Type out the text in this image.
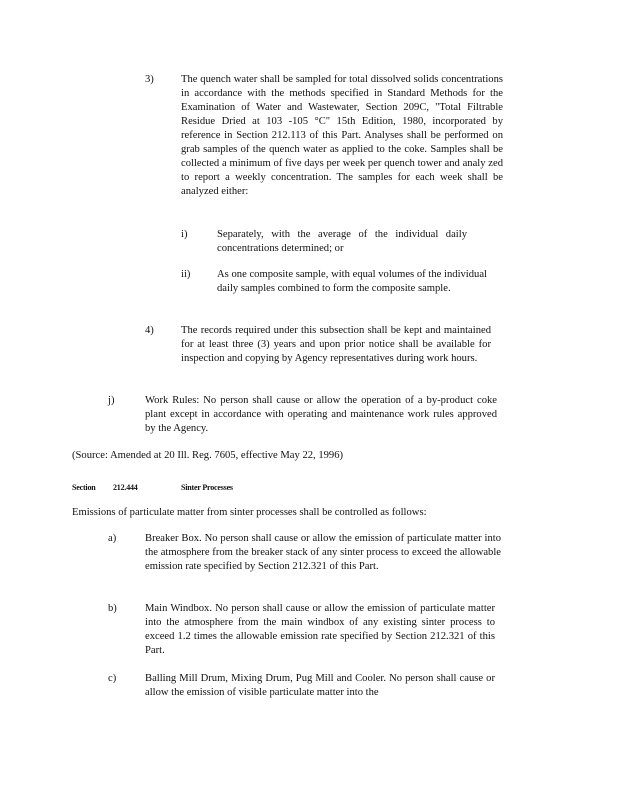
3)	The quench water shall be sampled for total dissolved solids concentrations in accordance with the methods specified in Standard Methods for the Examination of Water and Wastewater, Section 209C, "Total Filtrable Residue Dried at 103 -105 °C" 15th Edition, 1980, incorporated by reference in Section 212.113 of this Part. Analyses shall be performed on grab samples of the quench water as applied to the coke. Samples shall be collected a minimum of five days per week per quench tower and analy zed to report a weekly concentration. The samples for each week shall be analyzed either:
i)	Separately, with the average of the individual daily concentrations determined; or
ii)	As one composite sample, with equal volumes of the individual daily samples combined to form the composite sample.
4)	The records required under this subsection shall be kept and maintained for at least three (3) years and upon prior notice shall be available for inspection and copying by Agency representatives during work hours.
j)	Work Rules: No person shall cause or allow the operation of a by-product coke plant except in accordance with operating and maintenance work rules approved by the Agency.
(Source: Amended at 20 Ill. Reg. 7605, effective May 22, 1996)
Section 212.444	Sinter Processes
Emissions of particulate matter from sinter processes shall be controlled as follows:
a)	Breaker Box. No person shall cause or allow the emission of particulate matter into the atmosphere from the breaker stack of any sinter process to exceed the allowable emission rate specified by Section 212.321 of this Part.
b)	Main Windbox. No person shall cause or allow the emission of particulate matter into the atmosphere from the main windbox of any existing sinter process to exceed 1.2 times the allowable emission rate specified by Section 212.321 of this Part.
c)	Balling Mill Drum, Mixing Drum, Pug Mill and Cooler. No person shall cause or allow the emission of visible particulate matter into the
